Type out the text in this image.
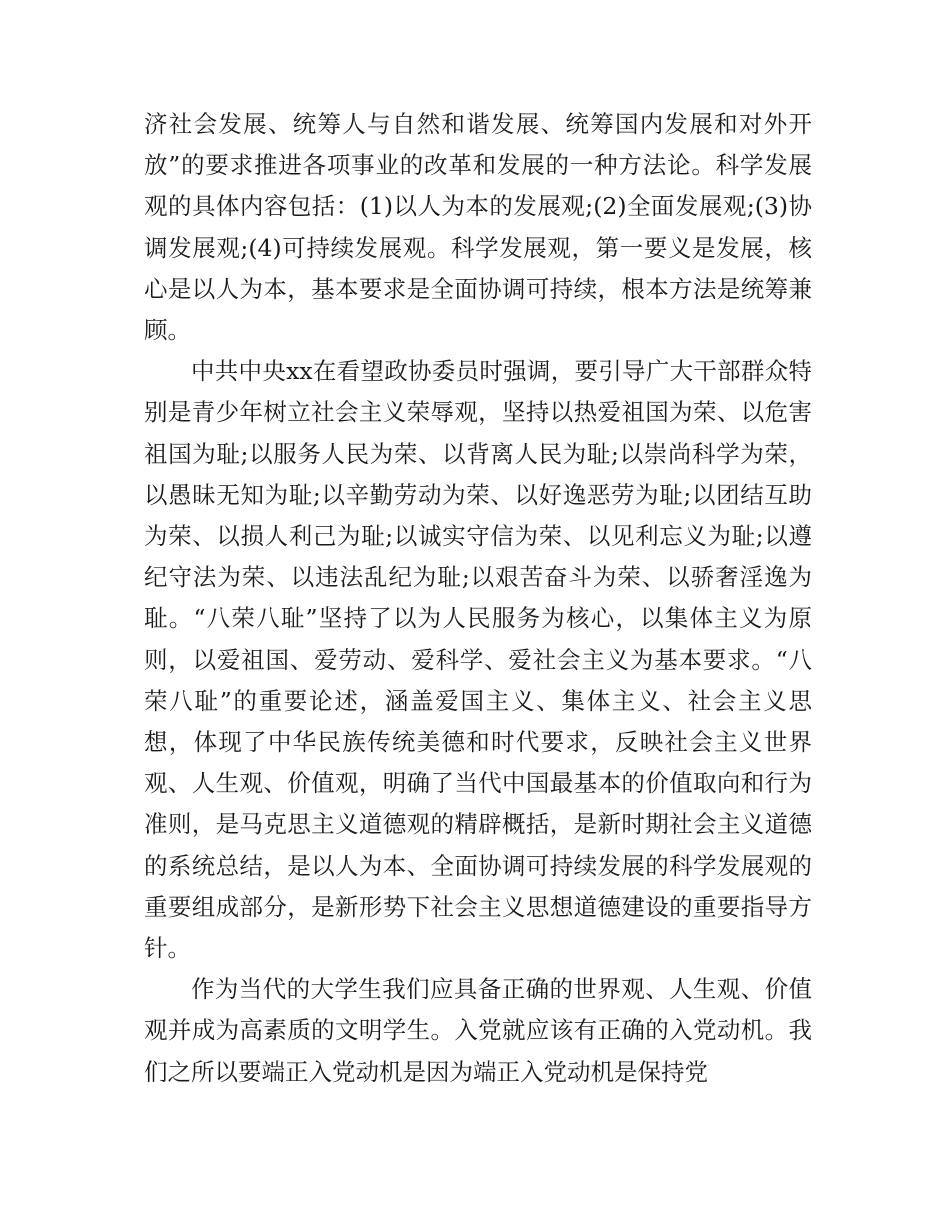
济社会发展、统筹人与自然和谐发展、统筹国内发展和对外开放”的要求推进各项事业的改革和发展的一种方法论。科学发展观的具体内容包括：(1)以人为本的发展观;(2)全面发展观;(3)协调发展观;(4)可持续发展观。科学发展观，第一要义是发展，核心是以人为本，基本要求是全面协调可持续，根本方法是统筹兼顾。

中共中央xx在看望政协委员时强调，要引导广大干部群众特别是青少年树立社会主义荣辱观，坚持以热爱祖国为荣、以危害祖国为耻;以服务人民为荣、以背离人民为耻;以崇尚科学为荣，以愚昧无知为耻;以辛勤劳动为荣、以好逸恶劳为耻;以团结互助为荣、以损人利己为耻;以诚实守信为荣、以见利忘义为耻;以遵纪守法为荣、以违法乱纪为耻;以艰苦奋斗为荣、以骄奢淫逸为耻。“八荣八耻”坚持了以为人民服务为核心，以集体主义为原则，以爱祖国、爱劳动、爱科学、爱社会主义为基本要求。“八荣八耻”的重要论述，涵盖爱国主义、集体主义、社会主义思想，体现了中华民族传统美德和时代要求，反映社会主义世界观、人生观、价值观，明确了当代中国最基本的价值取向和行为准则，是马克思主义道德观的精辟概括，是新时期社会主义道德的系统总结，是以人为本、全面协调可持续发展的科学发展观的重要组成部分，是新形势下社会主义思想道德建设的重要指导方针。

作为当代的大学生我们应具备正确的世界观、人生观、价值观并成为高素质的文明学生。入党就应该有正确的入党动机。我们之所以要端正入党动机是因为端正入党动机是保持党
